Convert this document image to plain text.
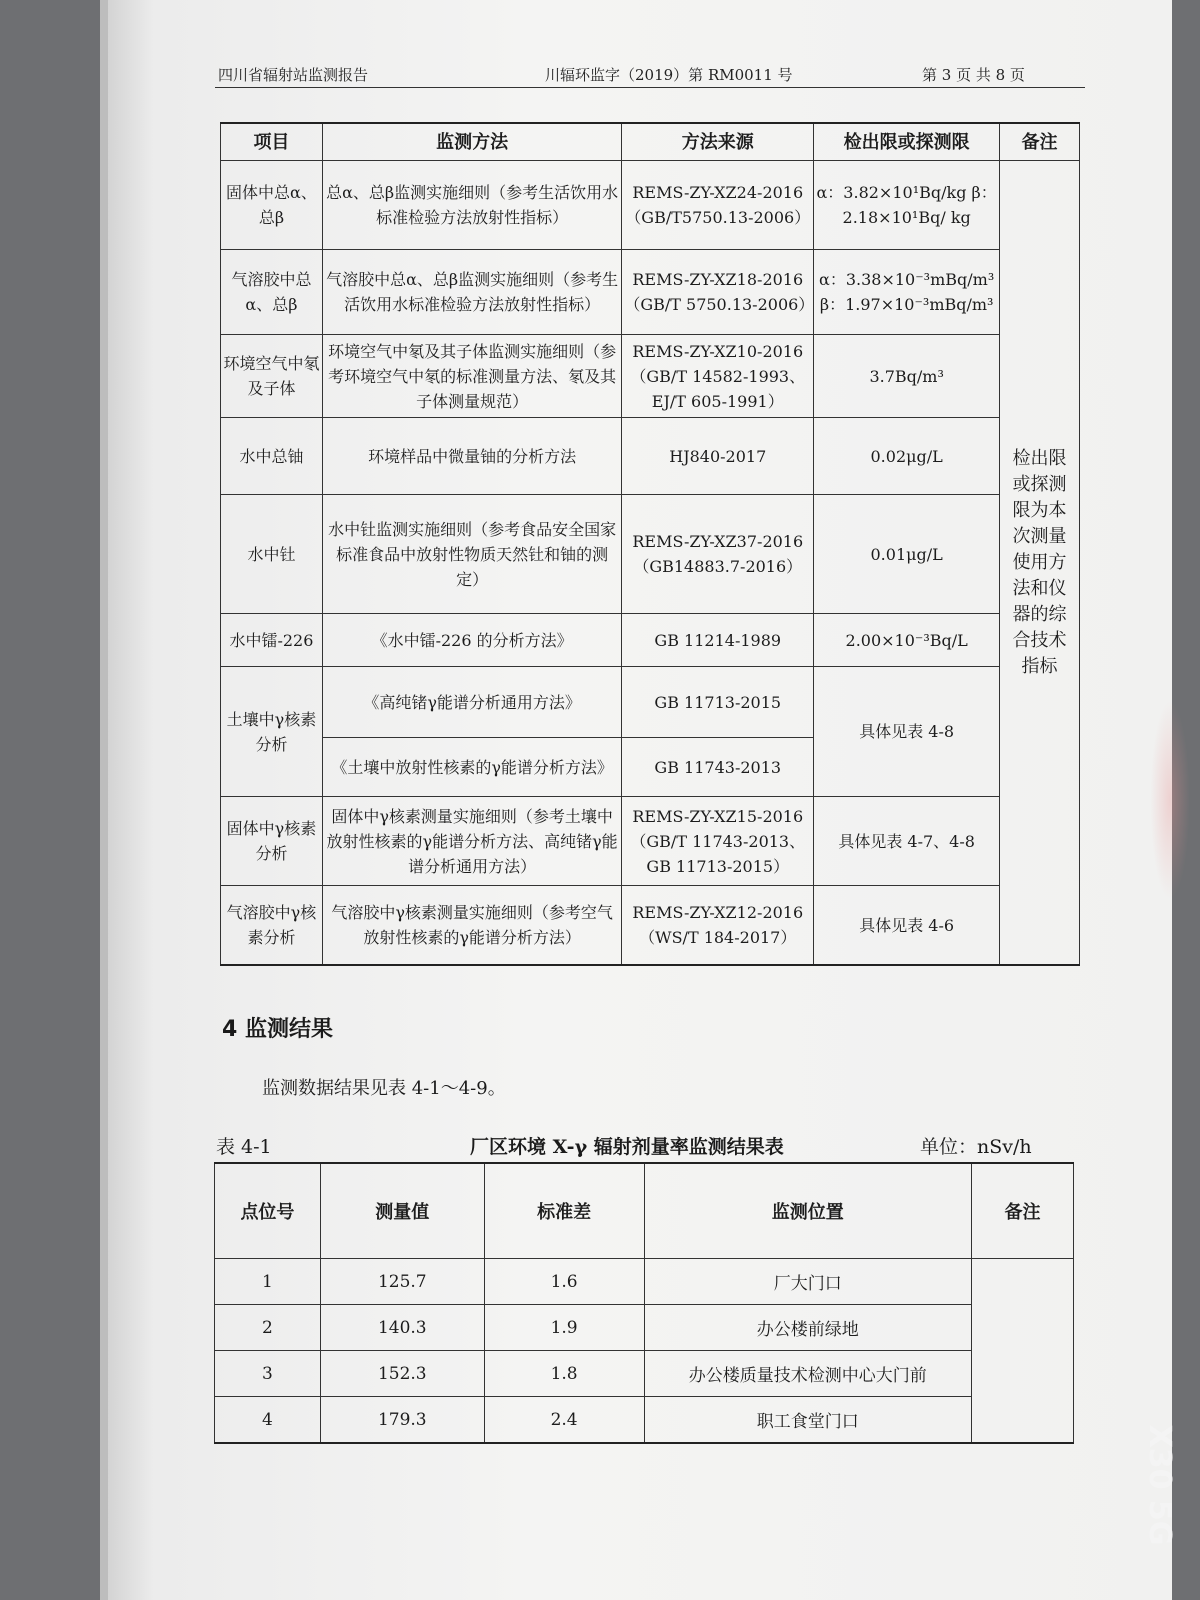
四川省辐射站监测报告	川辐环监字（2019）第 RM0011 号	第 3 页 共 8 页
项目	监测方法	方法来源	检出限或探测限	备注
固体中总α、总β	总α、总β监测实施细则（参考生活饮用水标准检验方法放射性指标）	REMS-ZY-XZ24-2016（GB/T5750.13-2006）	α：3.82×10¹Bq/kg β：2.18×10¹Bq/ kg	检出限或探测限为本次测量使用方法和仪器的综合技术指标
气溶胶中总α、总β	气溶胶中总α、总β监测实施细则（参考生活饮用水标准检验方法放射性指标）	REMS-ZY-XZ18-2016（GB/T 5750.13-2006）	α：3.38×10⁻³mBq/m³ β：1.97×10⁻³mBq/m³	
环境空气中氡及子体	环境空气中氡及其子体监测实施细则（参考环境空气中氡的标准测量方法、氡及其子体测量规范）	REMS-ZY-XZ10-2016（GB/T 14582-1993、EJ/T 605-1991）	3.7Bq/m³	
水中总铀	环境样品中微量铀的分析方法	HJ840-2017	0.02μg/L	
水中钍	水中钍监测实施细则（参考食品安全国家标准食品中放射性物质天然钍和铀的测定）	REMS-ZY-XZ37-2016（GB14883.7-2016）	0.01μg/L	
水中镭-226	《水中镭-226 的分析方法》	GB 11214-1989	2.00×10⁻³Bq/L	
土壤中γ核素分析	《高纯锗γ能谱分析通用方法》	GB 11713-2015	具体见表 4-8	
	《土壤中放射性核素的γ能谱分析方法》	GB 11743-2013		
固体中γ核素分析	固体中γ核素测量实施细则（参考土壤中放射性核素的γ能谱分析方法、高纯锗γ能谱分析通用方法）	REMS-ZY-XZ15-2016（GB/T 11743-2013、GB 11713-2015）	具体见表 4-7、4-8	
气溶胶中γ核素分析	气溶胶中γ核素测量实施细则（参考空气放射性核素的γ能谱分析方法）	REMS-ZY-XZ12-2016（WS/T 184-2017）	具体见表 4-6	
4 监测结果
监测数据结果见表 4-1～4-9。
表 4-1	厂区环境 X-γ 辐射剂量率监测结果表	单位：nSv/h
点位号	测量值	标准差	监测位置	备注
1	125.7	1.6	厂大门口	
2	140.3	1.9	办公楼前绿地	
3	152.3	1.8	办公楼质量技术检测中心大门前	
4	179.3	2.4	职工食堂门口	
X30 5G
